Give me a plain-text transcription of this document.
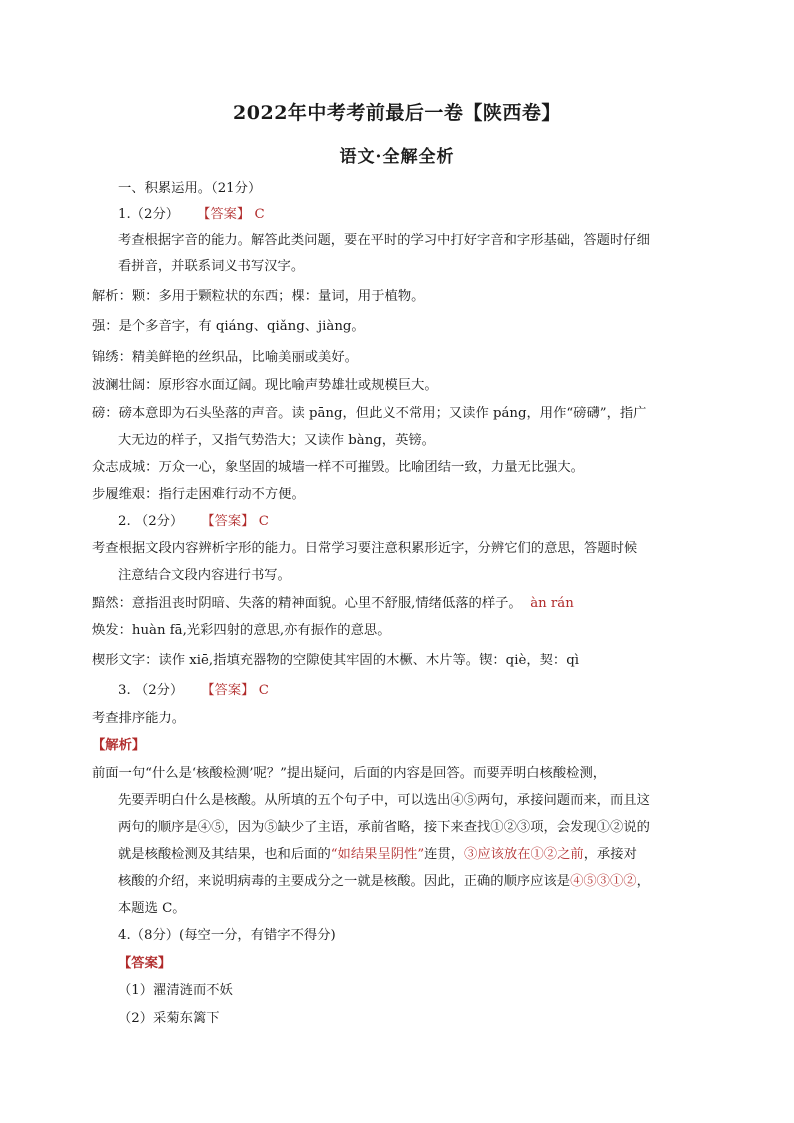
2022年中考考前最后一卷【陕西卷】
语文·全解全析
一、积累运用。（21分）
1.（2分） 【答案】 C
考查根据字音的能力。解答此类问题，要在平时的学习中打好字音和字形基础，答题时仔细
看拼音，并联系词义书写汉字。
解析：颗：多用于颗粒状的东西；棵：量词，用于植物。
强：是个多音字，有 qiáng、qiǎng、jiàng。
锦绣：精美鲜艳的丝织品，比喻美丽或美好。
波澜壮阔：原形容水面辽阔。现比喻声势雄壮或规模巨大。
磅：磅本意即为石头坠落的声音。读 pāng，但此义不常用；又读作 páng，用作“磅礴”，指广
大无边的样子，又指气势浩大；又读作 bàng，英镑。
众志成城：万众一心，象坚固的城墙一样不可摧毁。比喻团结一致，力量无比强大。
步履维艰：指行走困难行动不方便。
2. （2分） 【答案】 C
考查根据文段内容辨析字形的能力。日常学习要注意积累形近字，分辨它们的意思，答题时候
注意结合文段内容进行书写。
黯然：意指沮丧时阴暗、失落的精神面貌。心里不舒服,情绪低落的样子。 àn rán
焕发：huàn fā,光彩四射的意思,亦有振作的意思。
楔形文字：读作 xiē,指填充器物的空隙使其牢固的木橛、木片等。锲：qiè，契：qì
3. （2分） 【答案】 C
考查排序能力。
【解析】
前面一句“什么是‘核酸检测’呢？”提出疑问，后面的内容是回答。而要弄明白核酸检测，
先要弄明白什么是核酸。从所填的五个句子中，可以选出④⑤两句，承接问题而来，而且这
两句的顺序是④⑤，因为⑤缺少了主语，承前省略，接下来查找①②③项，会发现①②说的
就是核酸检测及其结果，也和后面的“如结果呈阴性”连贯，③应该放在①②之前，承接对
核酸的介绍，来说明病毒的主要成分之一就是核酸。因此，正确的顺序应该是④⑤③①②，
本题选 C。
4.（8分）(每空一分，有错字不得分)
【答案】
（1）濯清涟而不妖
（2）采菊东篱下
